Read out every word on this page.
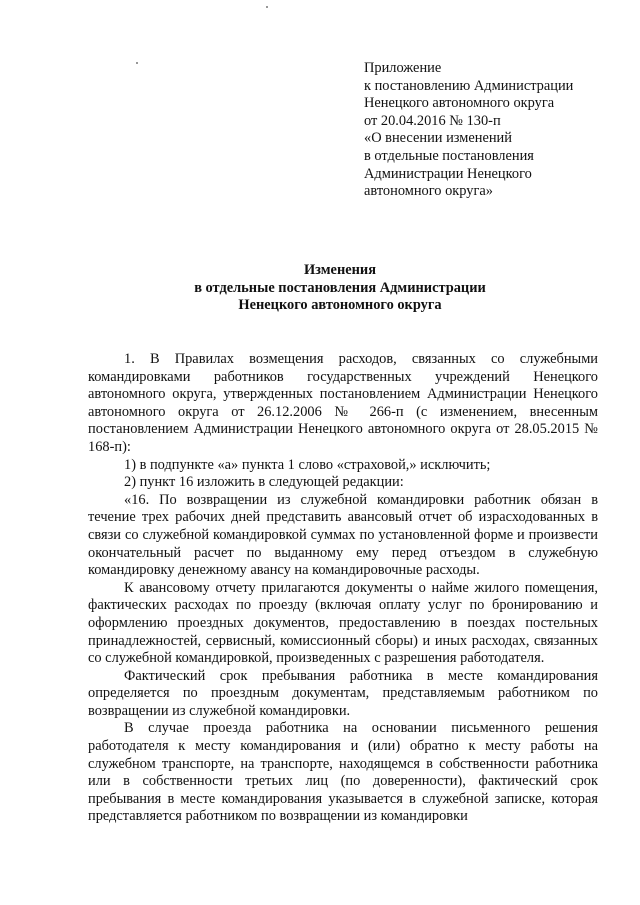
Приложение
к постановлению Администрации
Ненецкого автономного округа
от 20.04.2016 № 130-п
«О внесении изменений
в отдельные постановления
Администрации Ненецкого
автономного округа»
Изменения
в отдельные постановления Администрации
Ненецкого автономного округа

1. В Правилах возмещения расходов, связанных со служебными командировками работников государственных учреждений Ненецкого автономного округа, утвержденных постановлением Администрации Ненецкого автономного округа от 26.12.2006 № 266-п (с изменением, внесенным постановлением Администрации Ненецкого автономного округа от 28.05.2015 № 168-п):

1) в подпункте «а» пункта 1 слово «страховой,» исключить;

2) пункт 16 изложить в следующей редакции:

«16. По возвращении из служебной командировки работник обязан в течение трех рабочих дней представить авансовый отчет об израсходованных в связи со служебной командировкой суммах по установленной форме и произвести окончательный расчет по выданному ему перед отъездом в служебную командировку денежному авансу на командировочные расходы.

К авансовому отчету прилагаются документы о найме жилого помещения, фактических расходах по проезду (включая оплату услуг по бронированию и оформлению проездных документов, предоставлению в поездах постельных принадлежностей, сервисный, комиссионный сборы) и иных расходах, связанных со служебной командировкой, произведенных с разрешения работодателя.

Фактический срок пребывания работника в месте командирования определяется по проездным документам, представляемым работником по возвращении из служебной командировки.

В случае проезда работника на основании письменного решения работодателя к месту командирования и (или) обратно к месту работы на служебном транспорте, на транспорте, находящемся в собственности работника или в собственности третьих лиц (по доверенности), фактический срок пребывания в месте командирования указывается в служебной записке, которая представляется работником по возвращении из командировки
